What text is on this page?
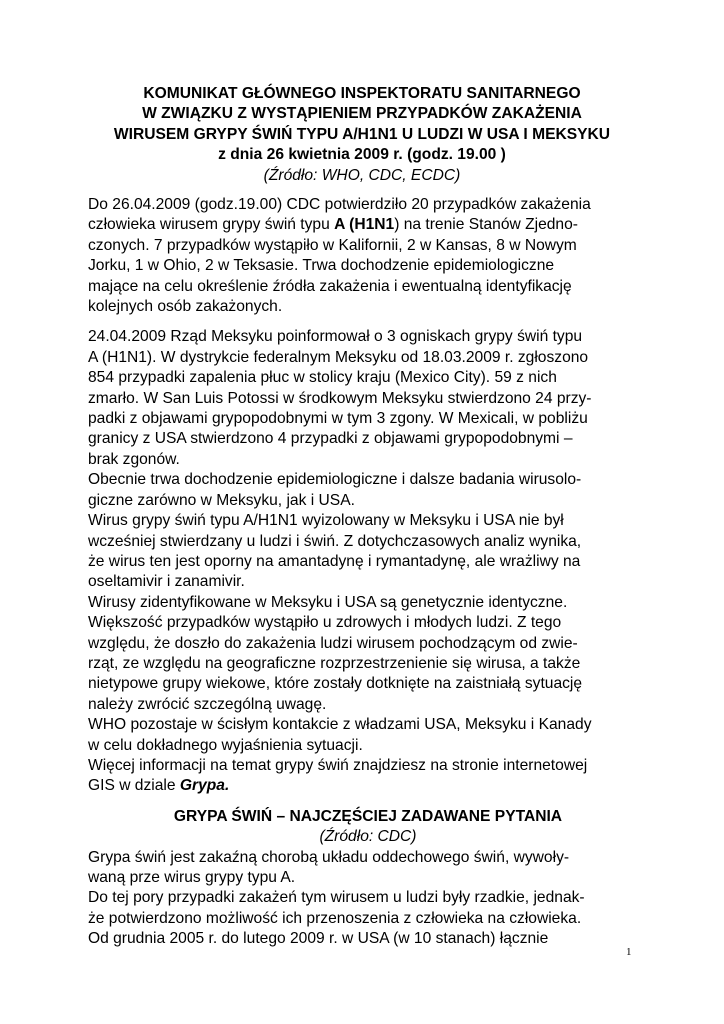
KOMUNIKAT GŁÓWNEGO INSPEKTORATU SANITARNEGO
W ZWIĄZKU Z WYSTĄPIENIEM PRZYPADKÓW ZAKAŻENIA
WIRUSEM GRYPY ŚWIŃ TYPU A/H1N1 U LUDZI W USA I MEKSYKU
z dnia 26 kwietnia 2009 r. (godz. 19.00 )
(Źródło: WHO, CDC, ECDC)
Do 26.04.2009 (godz.19.00) CDC potwierdziło 20 przypadków zakażenia
człowieka wirusem grypy świń typu A (H1N1) na trenie Stanów Zjedno-
czonych. 7 przypadków wystąpiło w Kalifornii, 2 w Kansas, 8 w Nowym
Jorku, 1 w Ohio, 2 w Teksasie. Trwa dochodzenie epidemiologiczne
mające na celu określenie źródła zakażenia i ewentualną identyfikację
kolejnych osób zakażonych.
24.04.2009 Rząd Meksyku poinformował o 3 ogniskach grypy świń typu
A (H1N1). W dystrykcie federalnym Meksyku od 18.03.2009 r. zgłoszono
854 przypadki zapalenia płuc w stolicy kraju (Mexico City). 59 z nich
zmarło. W San Luis Potossi w środkowym Meksyku stwierdzono 24 przy-
padki z objawami grypopodobnymi w tym 3 zgony. W Mexicali, w pobliżu
granicy z USA stwierdzono 4 przypadki z objawami grypopodobnymi –
brak zgonów.
Obecnie trwa dochodzenie epidemiologiczne i dalsze badania wirusolo-
giczne zarówno w Meksyku, jak i USA.
Wirus grypy świń typu A/H1N1 wyizolowany w Meksyku i USA nie był
wcześniej stwierdzany u ludzi i świń. Z dotychczasowych analiz wynika,
że wirus ten jest oporny na amantadynę i rymantadynę, ale wrażliwy na
oseltamivir i zanamivir.
Wirusy zidentyfikowane w Meksyku i USA są genetycznie identyczne.
Większość przypadków wystąpiło u zdrowych i młodych ludzi. Z tego
względu, że doszło do zakażenia ludzi wirusem pochodzącym od zwie-
rząt, ze względu na geograficzne rozprzestrzenienie się wirusa, a także
nietypowe grupy wiekowe, które zostały dotknięte na zaistniałą sytuację
należy zwrócić szczególną uwagę.
WHO pozostaje w ścisłym kontakcie z władzami USA, Meksyku i Kanady
w celu dokładnego wyjaśnienia sytuacji.
Więcej informacji na temat grypy świń znajdziesz na stronie internetowej
GIS w dziale Grypa.
GRYPA ŚWIŃ – NAJCZĘŚCIEJ ZADAWANE PYTANIA
(Źródło: CDC)
Grypa świń jest zakaźną chorobą układu oddechowego świń, wywoły-
waną prze wirus grypy typu A.
Do tej pory przypadki zakażeń tym wirusem u ludzi były rzadkie, jednak-
że potwierdzono możliwość ich przenoszenia z człowieka na człowieka.
Od grudnia 2005 r. do lutego 2009 r. w USA (w 10 stanach) łącznie
1
